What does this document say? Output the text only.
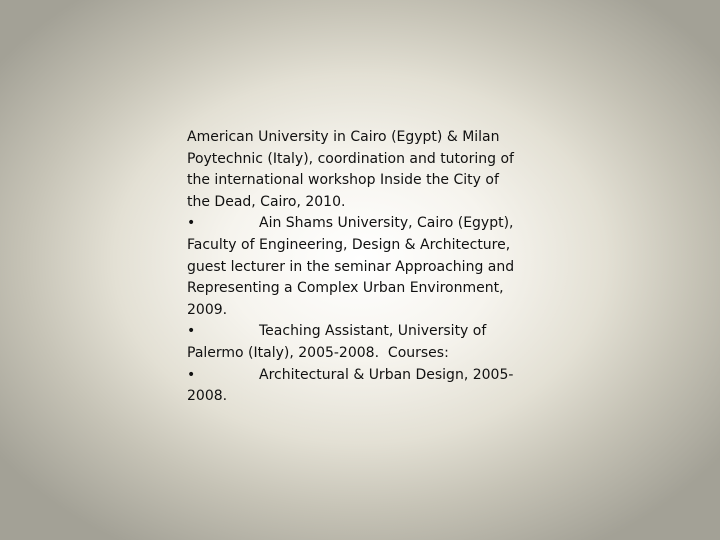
American University in Cairo (Egypt) & Milan
Poytechnic (Italy), coordination and tutoring of
the international workshop Inside the City of
the Dead, Cairo, 2010.
•	Ain Shams University, Cairo (Egypt),
Faculty of Engineering, Design & Architecture,
guest lecturer in the seminar Approaching and
Representing a Complex Urban Environment,
2009.
•	Teaching Assistant, University of
Palermo (Italy), 2005-2008.  Courses:
•	Architectural & Urban Design, 2005-
2008.
